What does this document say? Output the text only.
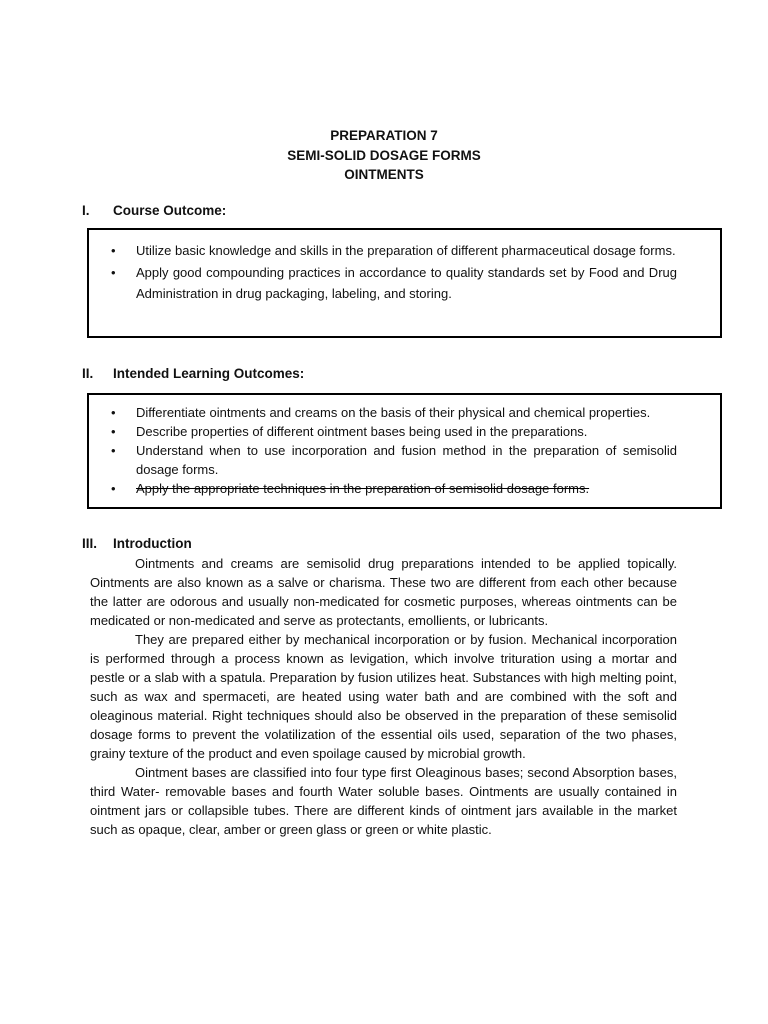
PREPARATION 7
SEMI-SOLID DOSAGE FORMS
OINTMENTS
I. Course Outcome:
• Utilize basic knowledge and skills in the preparation of different pharmaceutical dosage forms.
• Apply good compounding practices in accordance to quality standards set by Food and Drug Administration in drug packaging, labeling, and storing.
II. Intended Learning Outcomes:
• Differentiate ointments and creams on the basis of their physical and chemical properties.
• Describe properties of different ointment bases being used in the preparations.
• Understand when to use incorporation and fusion method in the preparation of semisolid dosage forms.
• Apply the appropriate techniques in the preparation of semisolid dosage forms.
III. Introduction

Ointments and creams are semisolid drug preparations intended to be applied topically. Ointments are also known as a salve or charisma. These two are different from each other because the latter are odorous and usually non-medicated for cosmetic purposes, whereas ointments can be medicated or non-medicated and serve as protectants, emollients, or lubricants.

They are prepared either by mechanical incorporation or by fusion. Mechanical incorporation is performed through a process known as levigation, which involve trituration using a mortar and pestle or a slab with a spatula. Preparation by fusion utilizes heat. Substances with high melting point, such as wax and spermaceti, are heated using water bath and are combined with the soft and oleaginous material. Right techniques should also be observed in the preparation of these semisolid dosage forms to prevent the volatilization of the essential oils used, separation of the two phases, grainy texture of the product and even spoilage caused by microbial growth.

Ointment bases are classified into four type first Oleaginous bases; second Absorption bases, third Water- removable bases and fourth Water soluble bases. Ointments are usually contained in ointment jars or collapsible tubes. There are different kinds of ointment jars available in the market such as opaque, clear, amber or green glass or green or white plastic.
